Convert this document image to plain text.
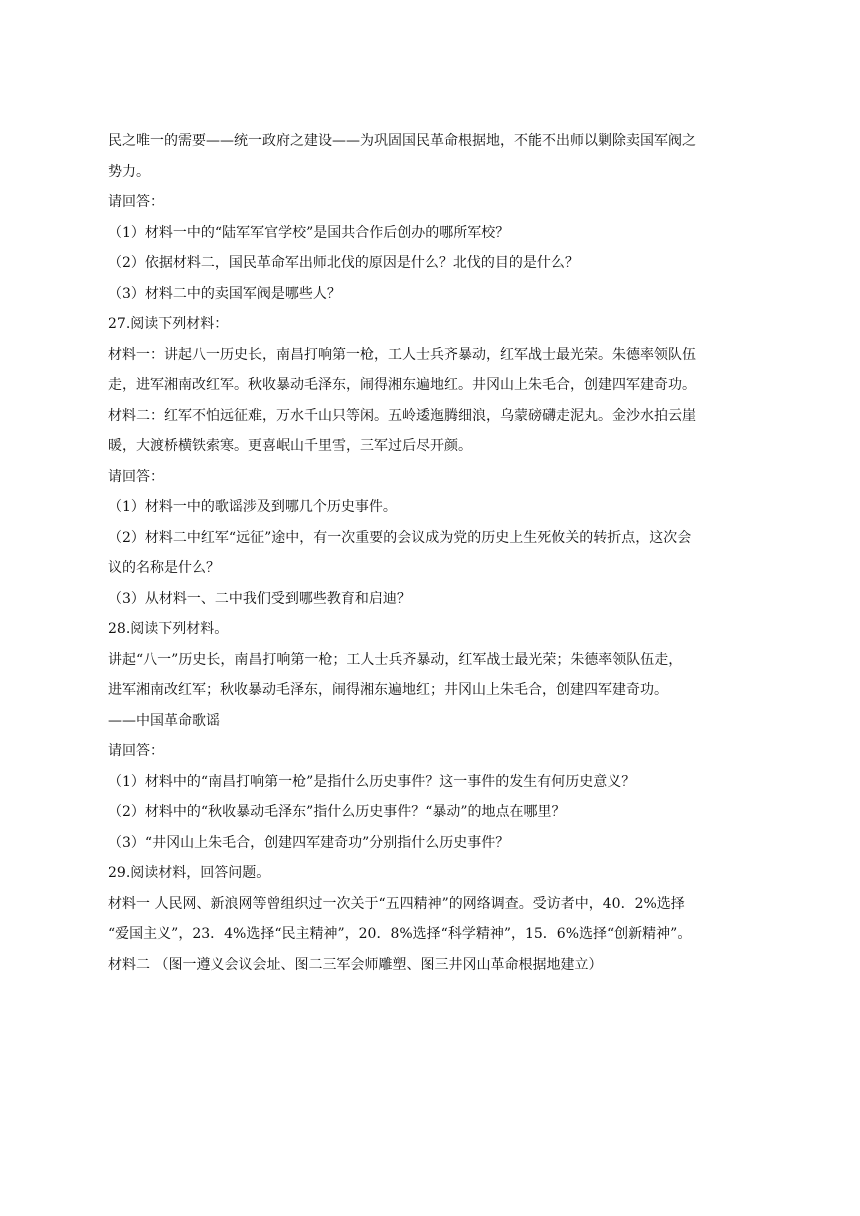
民之唯一的需要——统一政府之建设——为巩固国民革命根据地，不能不出师以剿除卖国军阀之
势力。
请回答：
（1）材料一中的“陆军军官学校”是国共合作后创办的哪所军校？
（2）依据材料二，国民革命军出师北伐的原因是什么？北伐的目的是什么？
（3）材料二中的卖国军阀是哪些人？
27.阅读下列材料：
材料一：讲起八一历史长，南昌打响第一枪，工人士兵齐暴动，红军战士最光荣。朱德率领队伍
走，进军湘南改红军。秋收暴动毛泽东，闹得湘东遍地红。井冈山上朱毛合，创建四军建奇功。
材料二：红军不怕远征难，万水千山只等闲。五岭逶迤腾细浪，乌蒙磅礴走泥丸。金沙水拍云崖
暖，大渡桥横铁索寒。更喜岷山千里雪，三军过后尽开颜。
请回答：
（1）材料一中的歌谣涉及到哪几个历史事件。
（2）材料二中红军“远征”途中，有一次重要的会议成为党的历史上生死攸关的转折点，这次会
议的名称是什么？
（3）从材料一、二中我们受到哪些教育和启迪？
28.阅读下列材料。
讲起“八一”历史长，南昌打响第一枪；工人士兵齐暴动，红军战士最光荣；朱德率领队伍走，
进军湘南改红军；秋收暴动毛泽东，闹得湘东遍地红；井冈山上朱毛合，创建四军建奇功。
——中国革命歌谣
请回答：
（1）材料中的“南昌打响第一枪”是指什么历史事件？这一事件的发生有何历史意义？
（2）材料中的“秋收暴动毛泽东”指什么历史事件？“暴动”的地点在哪里？
（3）“井冈山上朱毛合，创建四军建奇功”分别指什么历史事件？
29.阅读材料，回答问题。
材料一 人民网、新浪网等曾组织过一次关于“五四精神”的网络调查。受访者中，40．2%选择
“爱国主义”，23．4%选择“民主精神”，20．8%选择“科学精神”，15．6%选择“创新精神”。
材料二 （图一遵义会议会址、图二三军会师雕塑、图三井冈山革命根据地建立）
